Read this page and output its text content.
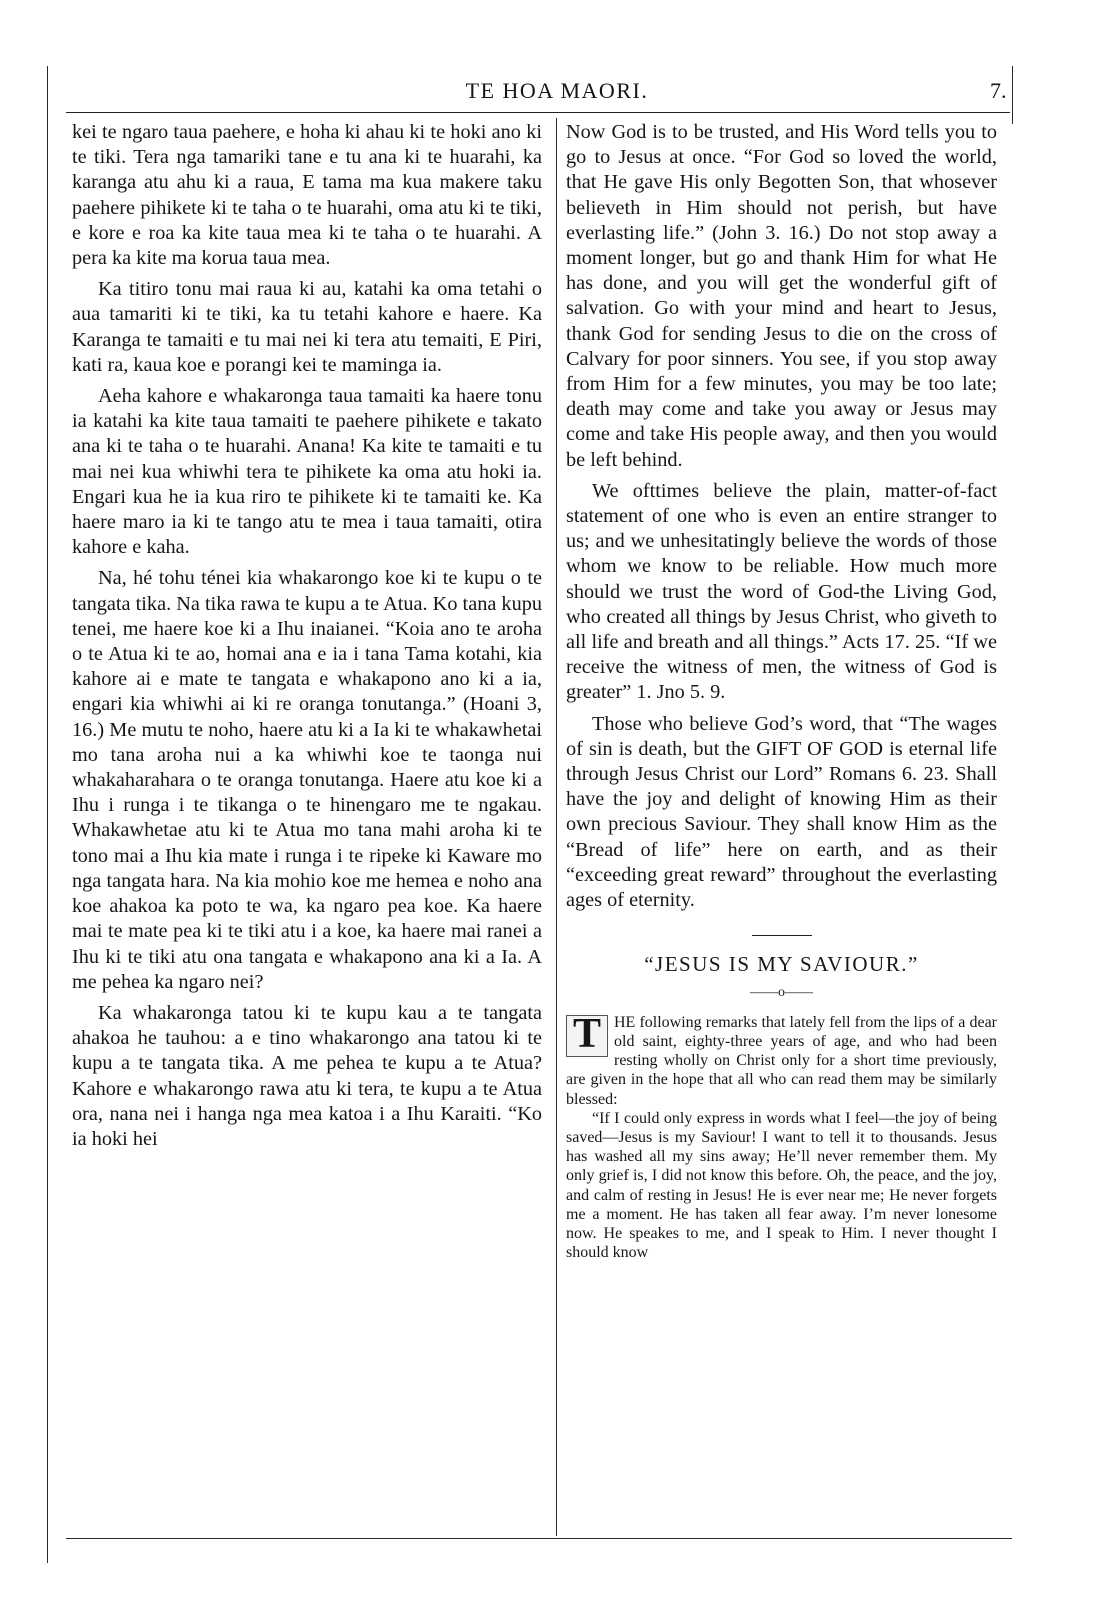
TE HOA MAORI.	7.

kei te ngaro taua paehere, e hoha ki ahau ki te hoki ano ki te tiki. Tera nga tamariki tane e tu ana ki te huarahi, ka karanga atu ahu ki a raua, E tama ma kua makere taku paehere pihikete ki te taha o te huarahi, oma atu ki te tiki, e kore e roa ka kite taua mea ki te taha o te huarahi. A pera ka kite ma korua taua mea.

Ka titiro tonu mai raua ki au, katahi ka oma tetahi o aua tamariti ki te tiki, ka tu tetahi kahore e haere. Ka Karanga te tamaiti e tu mai nei ki tera atu temaiti, E Piri, kati ra, kaua koe e porangi kei te maminga ia.

Aeha kahore e whakaronga taua tamaiti ka haere tonu ia katahi ka kite taua tamaiti te paehere pihikete e takato ana ki te taha o te huarahi. Anana! Ka kite te tamaiti e tu mai nei kua whiwhi tera te pihikete ka oma atu hoki ia. Engari kua he ia kua riro te pihikete ki te tamaiti ke. Ka haere maro ia ki te tango atu te mea i taua tamaiti, otira kahore e kaha.

Na, hé tohu ténei kia whakarongo koe ki te kupu o te tangata tika. Na tika rawa te kupu a te Atua. Ko tana kupu tenei, me haere koe ki a Ihu inaianei. “Koia ano te aroha o te Atua ki te ao, homai ana e ia i tana Tama kotahi, kia kahore ai e mate te tangata e whakapono ano ki a ia, engari kia whiwhi ai ki re oranga tonutanga.” (Hoani 3, 16.) Me mutu te noho, haere atu ki a Ia ki te whakawhetai mo tana aroha nui a ka whiwhi koe te taonga nui whakaharahara o te oranga tonutanga. Haere atu koe ki a Ihu i runga i te tikanga o te hinengaro me te ngakau. Whakawhetae atu ki te Atua mo tana mahi aroha ki te tono mai a Ihu kia mate i runga i te ripeke ki Kaware mo nga tangata hara. Na kia mohio koe me hemea e noho ana koe ahakoa ka poto te wa, ka ngaro pea koe. Ka haere mai te mate pea ki te tiki atu i a koe, ka haere mai ranei a Ihu ki te tiki atu ona tangata e whakapono ana ki a Ia. A me pehea ka ngaro nei?

Ka whakaronga tatou ki te kupu kau a te tangata ahakoa he tauhou: a e tino whakarongo ana tatou ki te kupu a te tangata tika. A me pehea te kupu a te Atua? Kahore e whakarongo rawa atu ki tera, te kupu a te Atua ora, nana nei i hanga nga mea katoa i a Ihu Karaiti. “Ko ia hoki hei

Now God is to be trusted, and His Word tells you to go to Jesus at once. “For God so loved the world, that He gave His only Begotten Son, that whosever believeth in Him should not perish, but have everlasting life.” (John 3. 16.) Do not stop away a moment longer, but go and thank Him for what He has done, and you will get the wonderful gift of salvation. Go with your mind and heart to Jesus, thank God for sending Jesus to die on the cross of Calvary for poor sinners. You see, if you stop away from Him for a few minutes, you may be too late; death may come and take you away or Jesus may come and take His people away, and then you would be left behind.

We ofttimes believe the plain, matter-of-fact statement of one who is even an entire stranger to us; and we unhesitatingly believe the words of those whom we know to be reliable. How much more should we trust the word of God-the Living God, who created all things by Jesus Christ, who giveth to all life and breath and all things.” Acts 17. 25. “If we receive the witness of men, the witness of God is greater” 1. Jno 5. 9.

Those who believe God’s word, that “The wages of sin is death, but the GIFT OF GOD is eternal life through Jesus Christ our Lord” Romans 6. 23. Shall have the joy and delight of knowing Him as their own precious Saviour. They shall know Him as the “Bread of life” here on earth, and as their “exceeding great reward” throughout the everlasting ages of eternity.

“JESUS IS MY SAVIOUR.”

——o——

T HE following remarks that lately fell from the lips of a dear old saint, eighty-three years of age, and who had been resting wholly on Christ only for a short time previously, are given in the hope that all who can read them may be similarly blessed:

“If I could only express in words what I feel—the joy of being saved—Jesus is my Saviour! I want to tell it to thousands. Jesus has washed all my sins away; He’ll never remember them. My only grief is, I did not know this before. Oh, the peace, and the joy, and calm of resting in Jesus! He is ever near me; He never forgets me a moment. He has taken all fear away. I’m never lonesome now. He speakes to me, and I speak to Him. I never thought I should know
